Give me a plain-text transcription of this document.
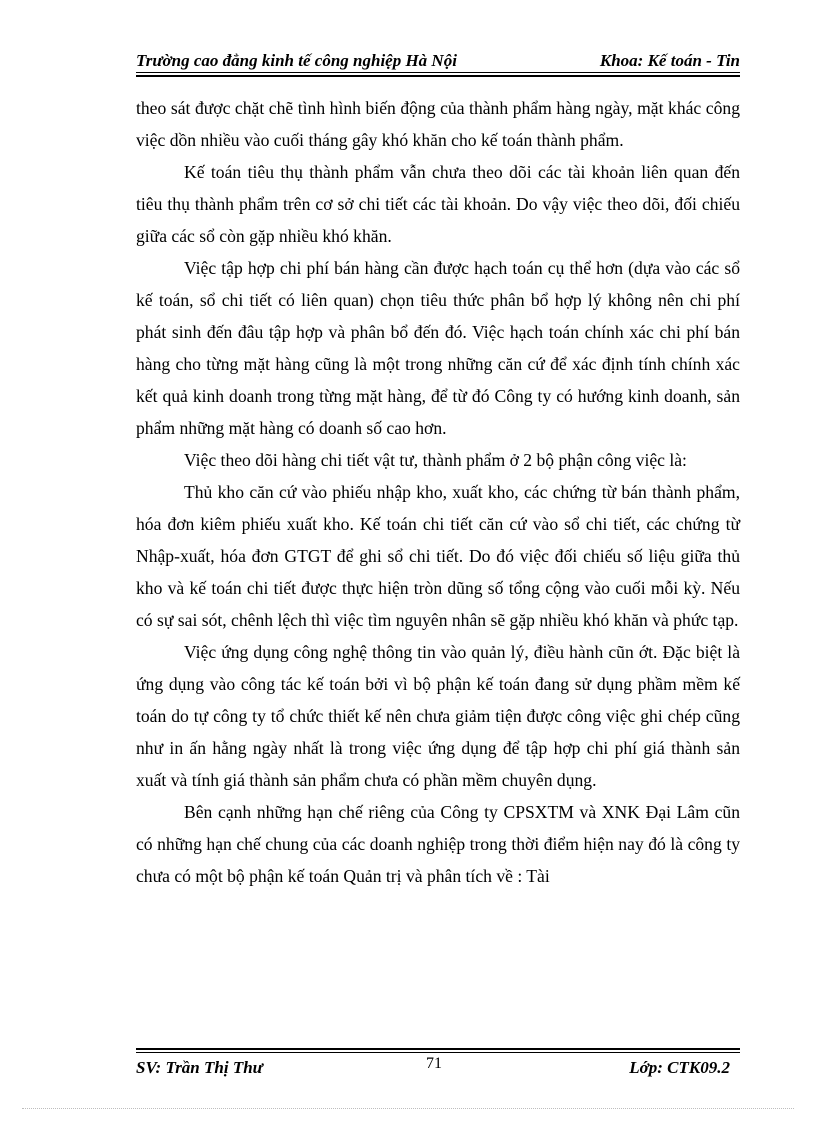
Trường cao đẳng kinh tế công nghiệp Hà Nội	Khoa: Kế toán - Tin

theo sát được chặt chẽ tình hình biến động của thành phẩm hàng ngày, mặt khác công việc dồn nhiều vào cuối tháng gây khó khăn cho kế toán thành phẩm.

Kế toán tiêu thụ thành phẩm vẫn chưa theo dõi các tài khoản liên quan đến tiêu thụ thành phẩm trên cơ sở chi tiết các tài khoản. Do vậy việc theo dõi, đối chiếu giữa các sổ còn gặp nhiều khó khăn.

Việc tập hợp chi phí bán hàng cần được hạch toán cụ thể hơn (dựa vào các sổ kế toán, sổ chi tiết có liên quan) chọn tiêu thức phân bổ hợp lý không nên chi phí phát sinh đến đâu tập hợp và phân bổ đến đó. Việc hạch toán chính xác chi phí bán hàng cho từng mặt hàng cũng là một trong những căn cứ để xác định tính chính xác kết quả kinh doanh trong từng mặt hàng, để từ đó Công ty có hướng kinh doanh, sản phẩm những mặt hàng có doanh số cao hơn.

Việc theo dõi hàng chi tiết vật tư, thành phẩm ở 2 bộ phận công việc là:

Thủ kho căn cứ vào phiếu nhập kho, xuất kho, các chứng từ bán thành phẩm, hóa đơn kiêm phiếu xuất kho. Kế toán chi tiết căn cứ vào sổ chi tiết, các chứng từ Nhập-xuất, hóa đơn GTGT để ghi sổ chi tiết. Do đó việc đối chiếu số liệu giữa thủ kho và kế toán chi tiết được thực hiện tròn dũng số tổng cộng vào cuối mỗi kỳ. Nếu có sự sai sót, chênh lệch thì việc tìm nguyên nhân sẽ gặp nhiều khó khăn và phức tạp.

Việc ứng dụng công nghệ thông tin vào quản lý, điều hành cũn ớt. Đặc biệt là ứng dụng vào công tác kế toán bởi vì bộ phận kế toán đang sử dụng phầm mềm kế toán do tự công ty tổ chức thiết kế nên chưa giảm tiện được công việc ghi chép cũng như in ấn hằng ngày nhất là trong việc ứng dụng để tập hợp chi phí giá thành sản xuất và tính giá thành sản phẩm chưa có phần mềm chuyên dụng.

Bên cạnh những hạn chế riêng của Công ty CPSXTM và XNK Đại Lâm cũn có những hạn chế chung của các doanh nghiệp trong thời điểm hiện nay đó là công ty chưa có một bộ phận kế toán Quản trị và phân tích về : Tài

SV: Trần Thị Thư	71	Lớp: CTK09.2
